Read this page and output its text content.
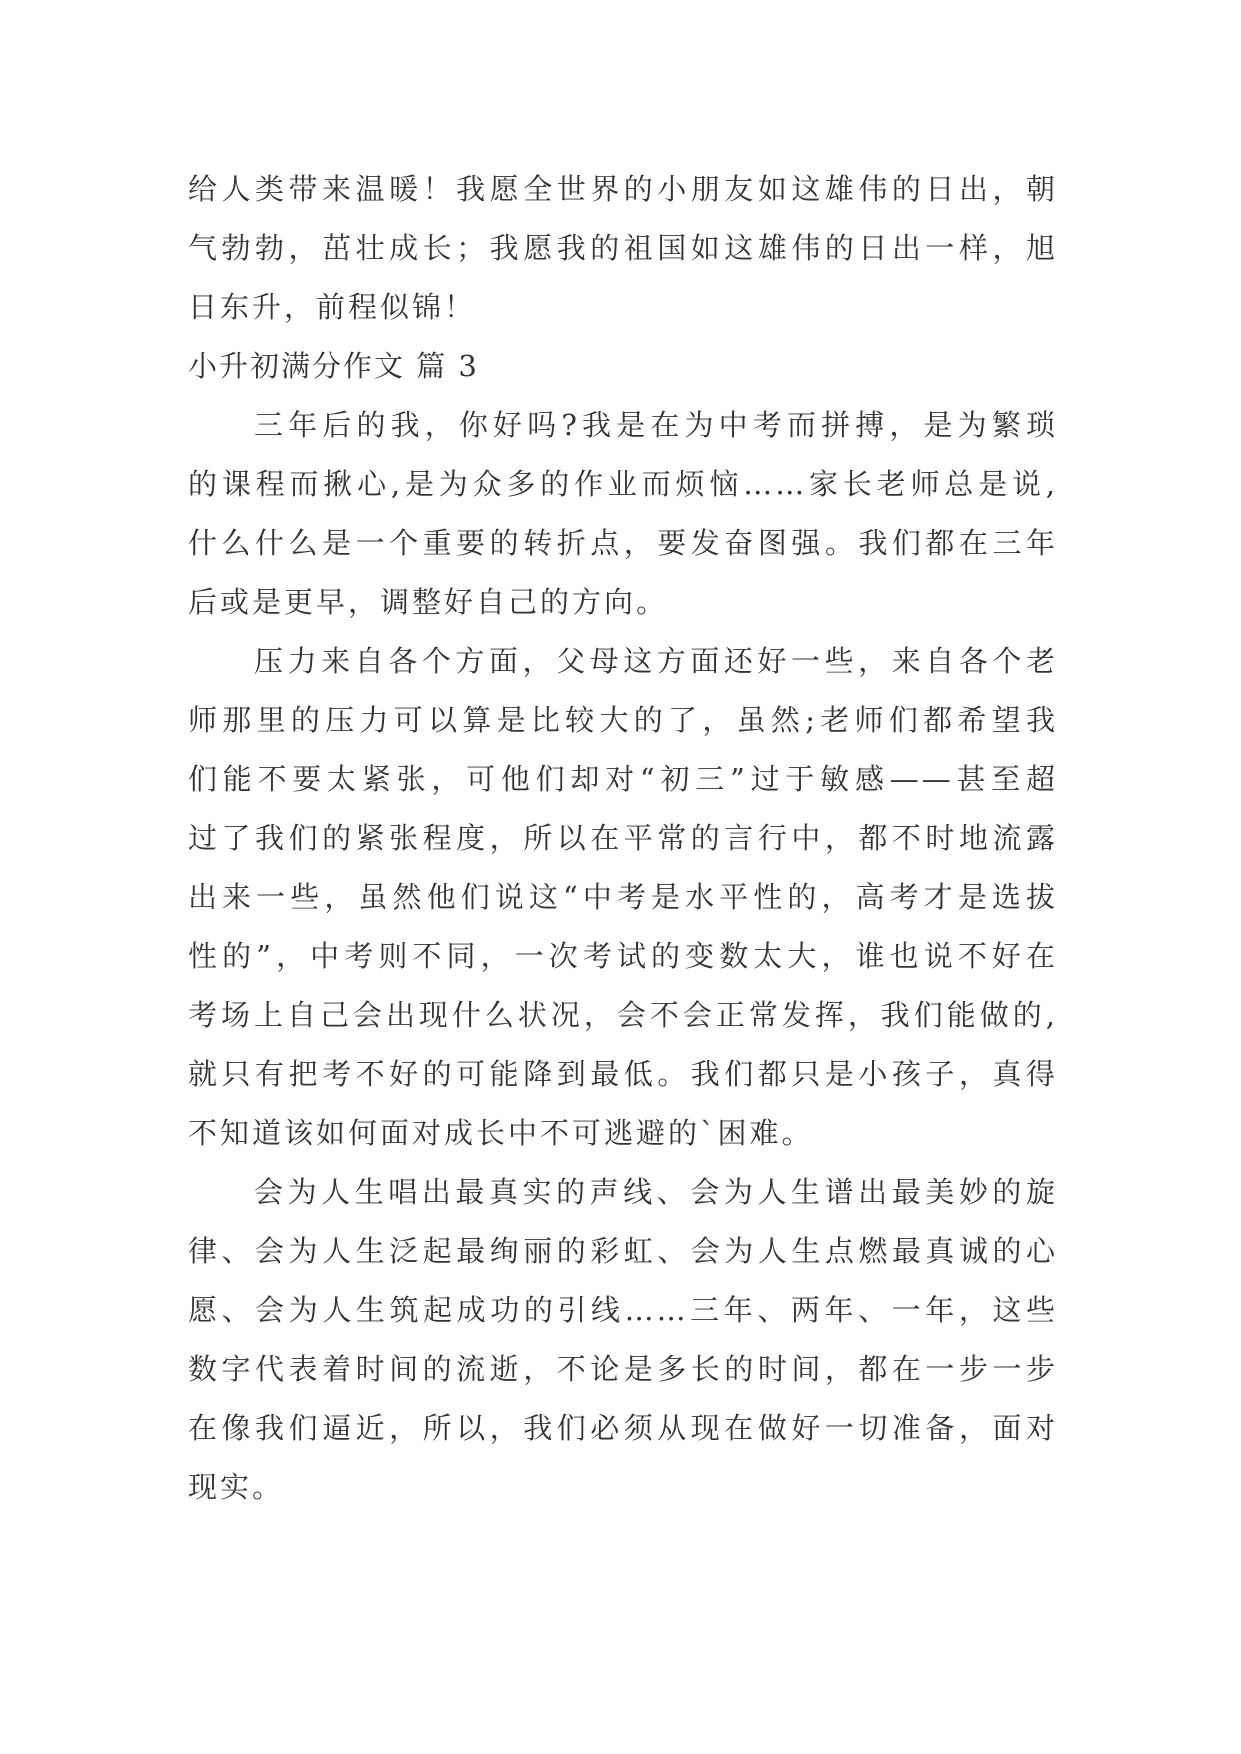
给人类带来温暖！我愿全世界的小朋友如这雄伟的日出，朝
气勃勃，茁壮成长；我愿我的祖国如这雄伟的日出一样，旭
日东升，前程似锦！
小升初满分作文 篇 3
三年后的我，你好吗?我是在为中考而拼搏，是为繁琐
的课程而揪心,是为众多的作业而烦恼……家长老师总是说,
什么什么是一个重要的转折点，要发奋图强。我们都在三年
后或是更早，调整好自己的方向。
压力来自各个方面，父母这方面还好一些，来自各个老
师那里的压力可以算是比较大的了，虽然;老师们都希望我
们能不要太紧张，可他们却对“初三”过于敏感——甚至超
过了我们的紧张程度，所以在平常的言行中，都不时地流露
出来一些，虽然他们说这“中考是水平性的，高考才是选拔
性的”，中考则不同，一次考试的变数太大，谁也说不好在
考场上自己会出现什么状况，会不会正常发挥，我们能做的,
就只有把考不好的可能降到最低。我们都只是小孩子，真得
不知道该如何面对成长中不可逃避的`困难。
会为人生唱出最真实的声线、会为人生谱出最美妙的旋
律、会为人生泛起最绚丽的彩虹、会为人生点燃最真诚的心
愿、会为人生筑起成功的引线……三年、两年、一年，这些
数字代表着时间的流逝，不论是多长的时间，都在一步一步
在像我们逼近，所以，我们必须从现在做好一切准备，面对
现实。
